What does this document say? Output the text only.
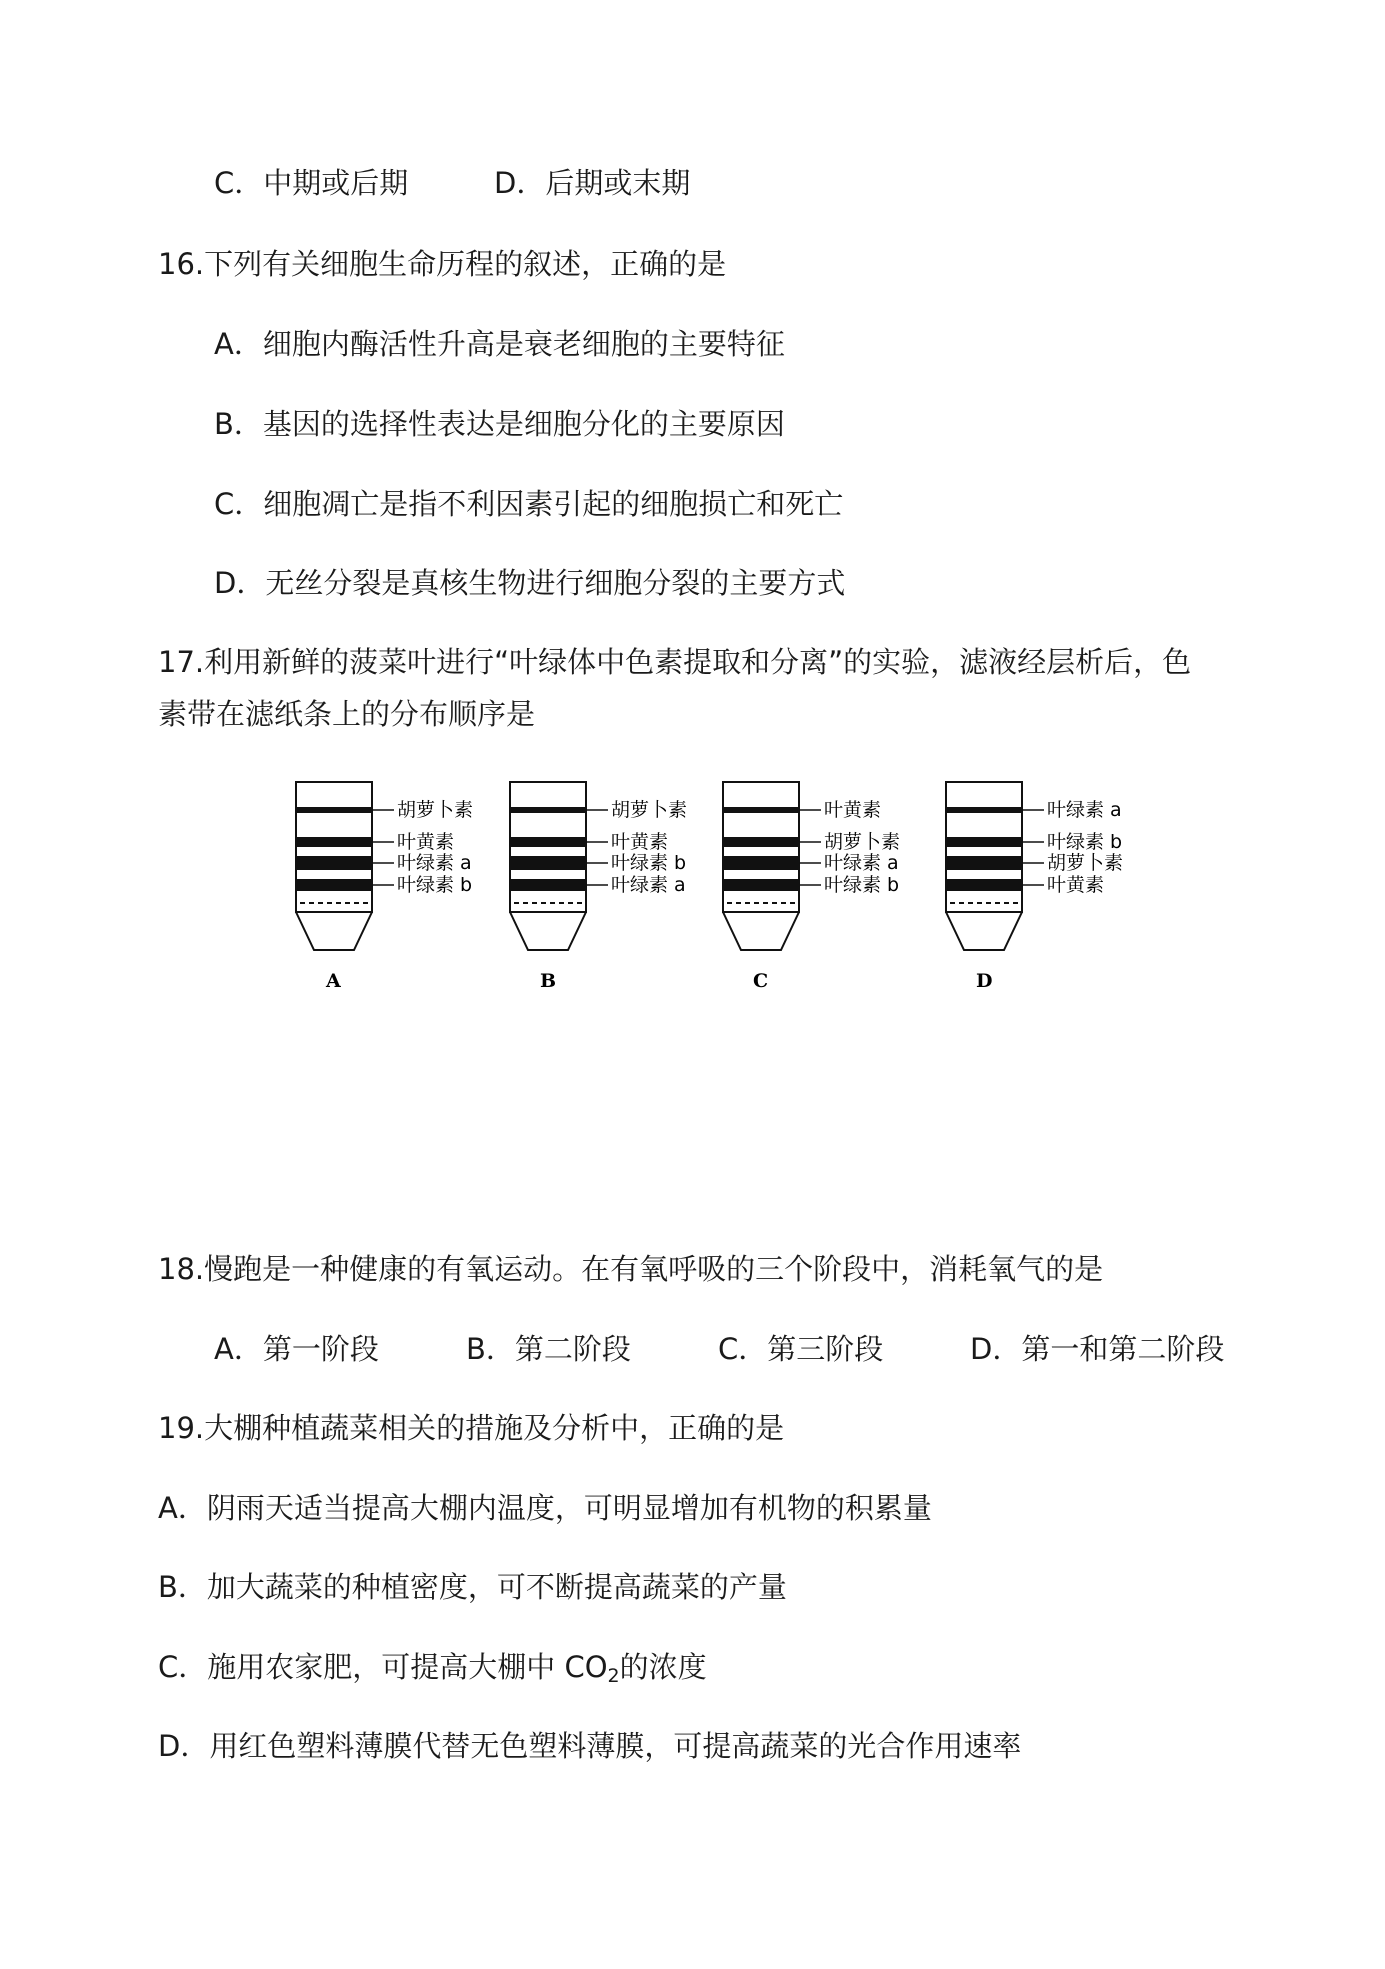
C．中期或后期	D．后期或末期
16.下列有关细胞生命历程的叙述，正确的是
A．细胞内酶活性升高是衰老细胞的主要特征
B．基因的选择性表达是细胞分化的主要原因
C．细胞凋亡是指不利因素引起的细胞损亡和死亡
D．无丝分裂是真核生物进行细胞分裂的主要方式
17.利用新鲜的菠菜叶进行“叶绿体中色素提取和分离”的实验，滤液经层析后，色
素带在滤纸条上的分布顺序是
胡萝卜素
叶黄素
叶绿素 a
叶绿素 b
A
胡萝卜素
叶黄素
叶绿素 b
叶绿素 a
B
叶黄素
胡萝卜素
叶绿素 a
叶绿素 b
C
叶绿素 a
叶绿素 b
胡萝卜素
叶黄素
D
18.慢跑是一种健康的有氧运动。在有氧呼吸的三个阶段中，消耗氧气的是
A．第一阶段	B．第二阶段	C．第三阶段	D．第一和第二阶段
19.大棚种植蔬菜相关的措施及分析中，正确的是
A．阴雨天适当提高大棚内温度，可明显增加有机物的积累量
B．加大蔬菜的种植密度，可不断提高蔬菜的产量
C．施用农家肥，可提高大棚中 $CO_2$的浓度
D．用红色塑料薄膜代替无色塑料薄膜，可提高蔬菜的光合作用速率
